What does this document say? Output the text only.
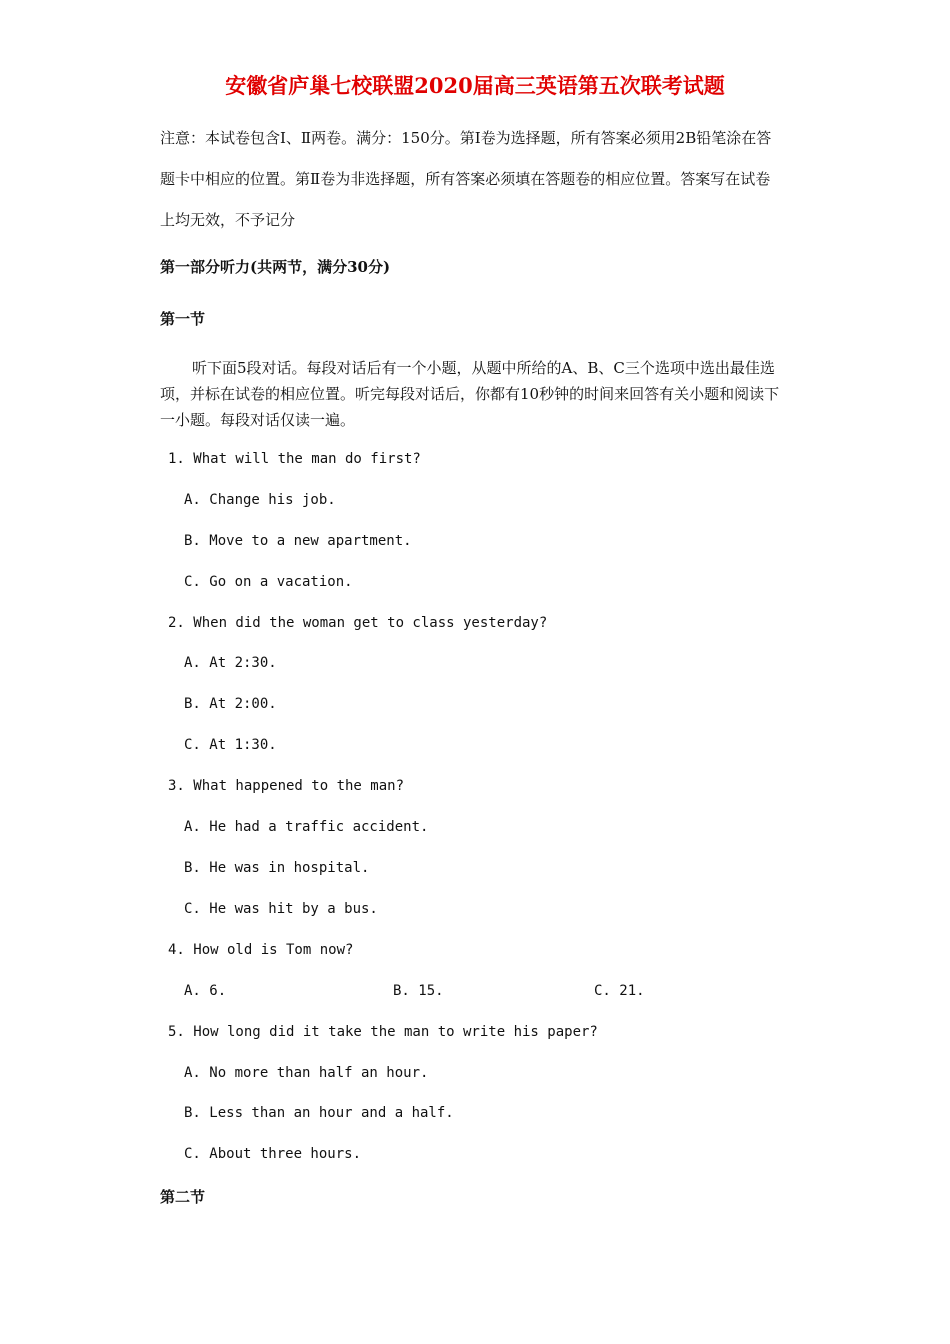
安徽省庐巢七校联盟2020届高三英语第五次联考试题
注意：本试卷包含Ⅰ、Ⅱ两卷。满分：150分。第Ⅰ卷为选择题，所有答案必须用2B铅笔涂在答题卡中相应的位置。第Ⅱ卷为非选择题，所有答案必须填在答题卷的相应位置。答案写在试卷上均无效，不予记分
第一部分听力(共两节，满分30分)
第一节
听下面5段对话。每段对话后有一个小题，从题中所给的A、B、C三个选项中选出最佳选项，并标在试卷的相应位置。听完每段对话后，你都有10秒钟的时间来回答有关小题和阅读下一小题。每段对话仅读一遍。
1. What will the man do first?
A. Change his job.
B. Move to a new apartment.
C. Go on a vacation.
2. When did the woman get to class yesterday?
A. At 2:30.
B. At 2:00.
C. At 1:30.
3. What happened to the man?
A. He had a traffic accident.
B. He was in hospital.
C. He was hit by a bus.
4. How old is Tom now?
A. 6.	B. 15.	C. 21.
5. How long did it take the man to write his paper?
A. No more than half an hour.
B. Less than an hour and a half.
C. About three hours.
第二节
